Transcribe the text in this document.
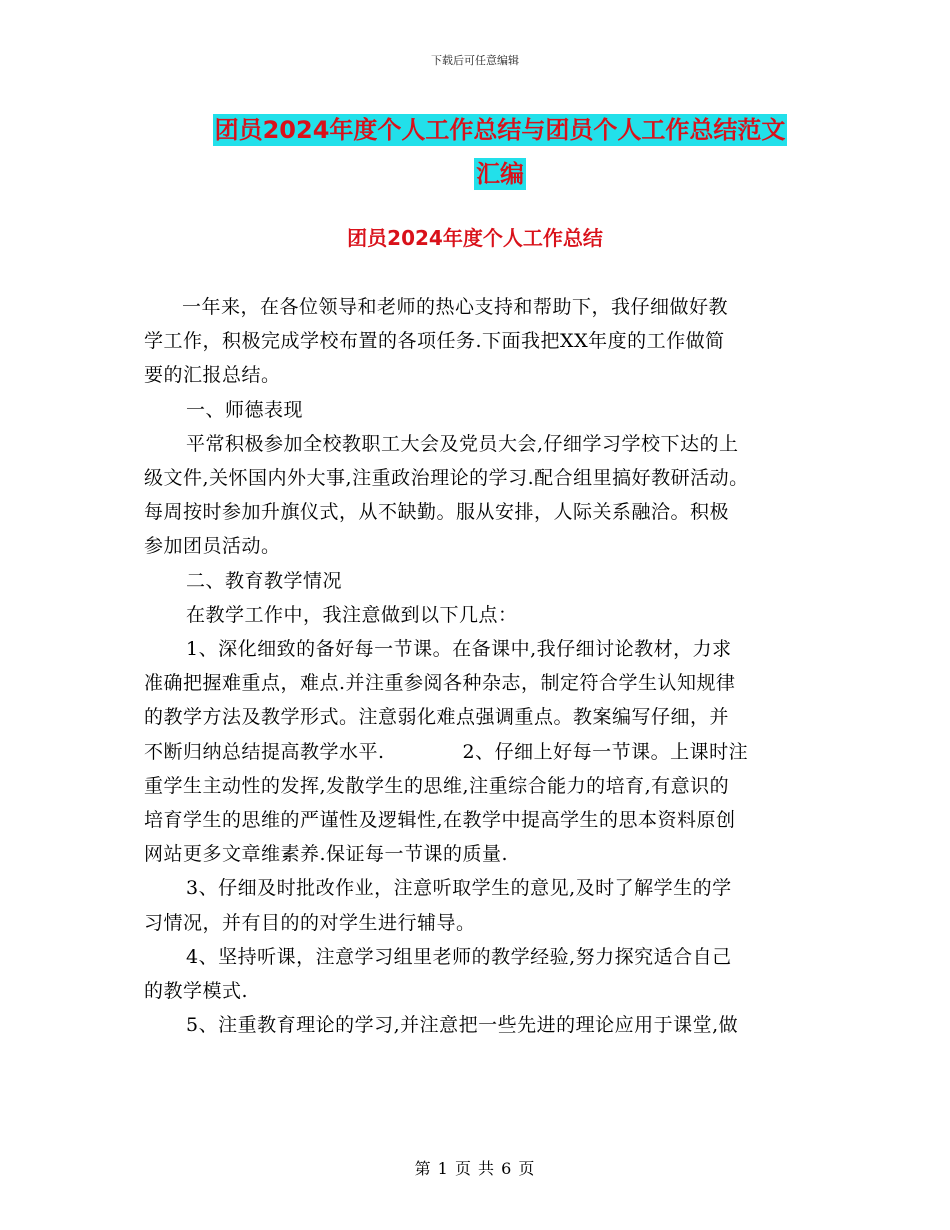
下载后可任意编辑
团员2024年度个人工作总结与团员个人工作总结范文
汇编
团员2024年度个人工作总结
一年来，在各位领导和老师的热心支持和帮助下，我仔细做好教
学工作，积极完成学校布置的各项任务.下面我把XX年度的工作做简
要的汇报总结。
一、师德表现
平常积极参加全校教职工大会及党员大会,仔细学习学校下达的上
级文件,关怀国内外大事,注重政治理论的学习.配合组里搞好教研活动。
每周按时参加升旗仪式，从不缺勤。服从安排，人际关系融洽。积极
参加团员活动。
二、教育教学情况
在教学工作中，我注意做到以下几点：
1、深化细致的备好每一节课。在备课中,我仔细讨论教材，力求
准确把握难重点，难点.并注重参阅各种杂志，制定符合学生认知规律
的教学方法及教学形式。注意弱化难点强调重点。教案编写仔细，并
不断归纳总结提高教学水平.　　　　2、仔细上好每一节课。上课时注
重学生主动性的发挥,发散学生的思维,注重综合能力的培育,有意识的
培育学生的思维的严谨性及逻辑性,在教学中提高学生的思本资料原创
网站更多文章维素养.保证每一节课的质量.
3、仔细及时批改作业，注意听取学生的意见,及时了解学生的学
习情况，并有目的的对学生进行辅导。
4、坚持听课，注意学习组里老师的教学经验,努力探究适合自己
的教学模式.
5、注重教育理论的学习,并注意把一些先进的理论应用于课堂,做
第 1 页 共 6 页
